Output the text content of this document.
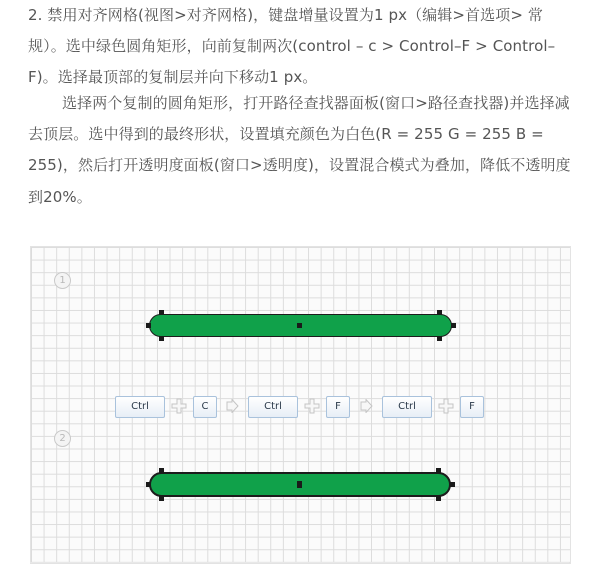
2. 禁用对齐网格(视图>对齐网格)，键盘增量设置为1 px（编辑>首选项> 常规）。选中绿色圆角矩形，向前复制两次(control – c > Control–F > Control–F)。选择最顶部的复制层并向下移动1 px。

选择两个复制的圆角矩形，打开路径查找器面板(窗口>路径查找器)并选择减去顶层。选中得到的最终形状，设置填充颜色为白色(R = 255 G = 255 B = 255)，然后打开透明度面板(窗口>透明度)，设置混合模式为叠加，降低不透明度到20%。

1
Ctrl	C	Ctrl	F	Ctrl	F
2
